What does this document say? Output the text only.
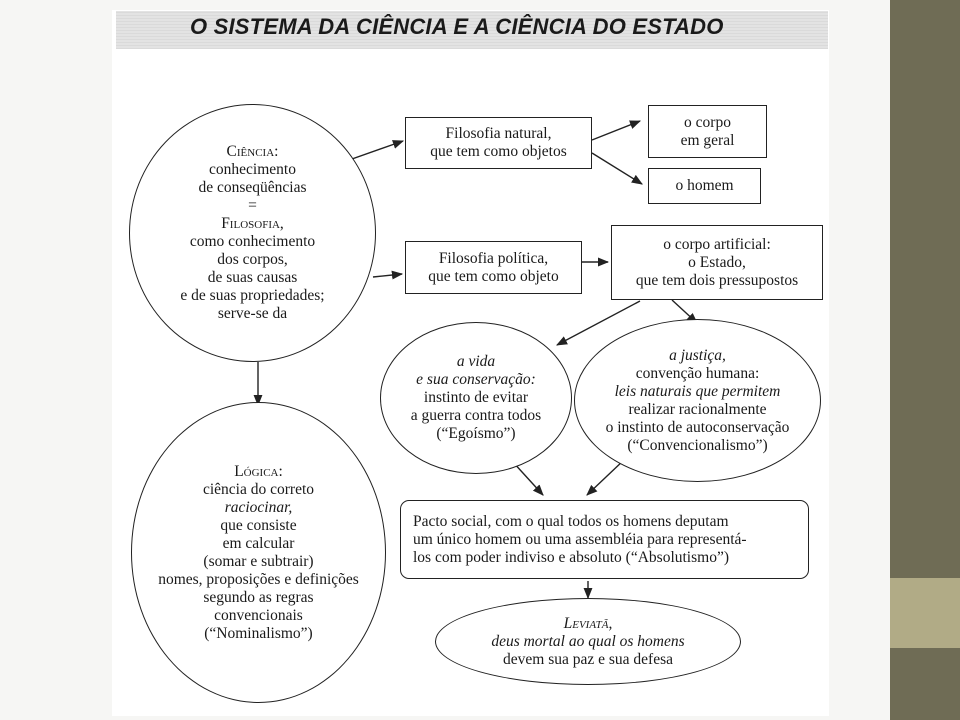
O SISTEMA DA CIÊNCIA E A CIÊNCIA DO ESTADO
Ciência:
conhecimento
de conseqüências
=
Filosofia,
como conhecimento
dos corpos,
de suas causas
e de suas propriedades;
serve-se da
Lógica:
ciência do correto
raciocinar,
que consiste
em calcular
(somar e subtrair)
nomes, proposições e definições
segundo as regras
convencionais
(“Nominalismo”)
Filosofia natural,
que tem como objetos
o corpo
em geral
o homem
Filosofia política,
que tem como objeto
o corpo artificial:
o Estado,
que tem dois pressupostos
a vida
e sua conservação:
instinto de evitar
a guerra contra todos
(“Egoísmo”)
a justiça,
convenção humana:
leis naturais que permitem
realizar racionalmente
o instinto de autoconservação
(“Convencionalismo”)
Pacto social, com o qual todos os homens deputam
um único homem ou uma assembléia para representá-
los com poder indiviso e absoluto (“Absolutismo”)
Leviatã,
deus mortal ao qual os homens
devem sua paz e sua defesa
